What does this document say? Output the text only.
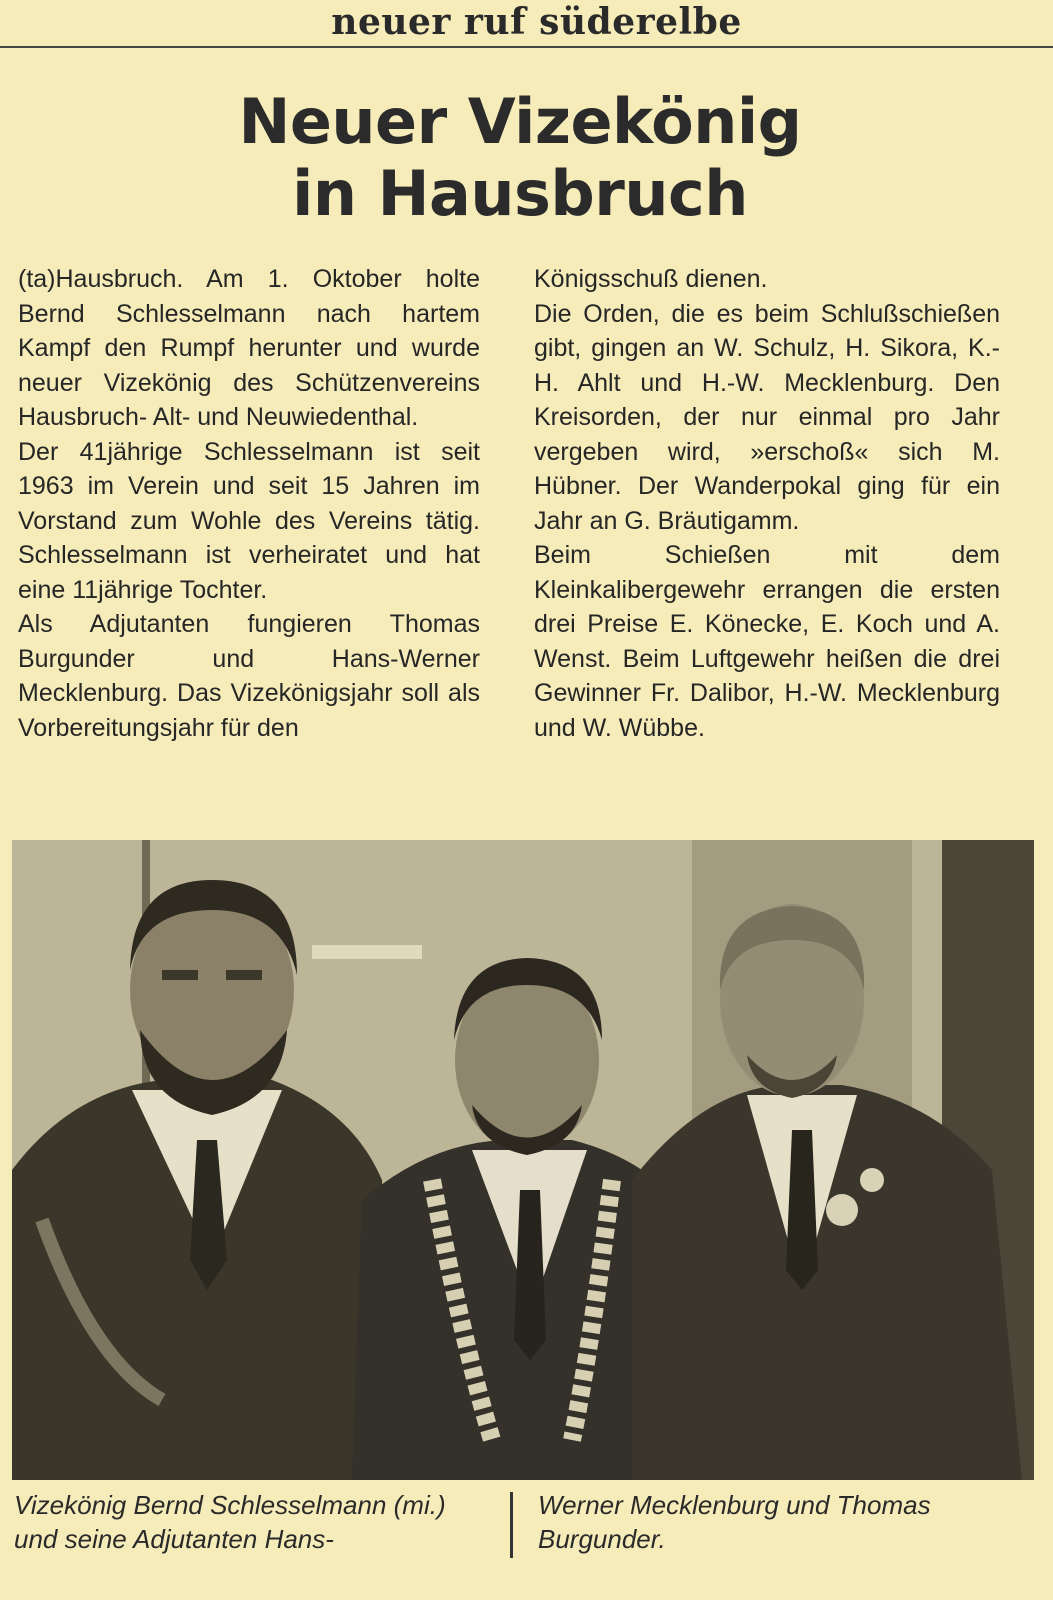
neuer ruf süderelbe
Neuer Vizekönig
in Hausbruch

(ta)Hausbruch. Am 1. Oktober holte Bernd Schlesselmann nach hartem Kampf den Rumpf herunter und wurde neuer Vizekönig des Schützenvereins Hausbruch- Alt- und Neuwiedenthal.

Der 41jährige Schlesselmann ist seit 1963 im Verein und seit 15 Jahren im Vorstand zum Wohle des Vereins tätig. Schlesselmann ist verheiratet und hat eine 11jährige Tochter.

Als Adjutanten fungieren Thomas Burgunder und Hans-Werner Mecklenburg. Das Vizekönigsjahr soll als Vorbereitungsjahr für den

Königsschuß dienen.

Die Orden, die es beim Schlußschießen gibt, gingen an W. Schulz, H. Sikora, K.-H. Ahlt und H.-W. Mecklenburg. Den Kreisorden, der nur einmal pro Jahr vergeben wird, »erschoß« sich M. Hübner. Der Wanderpokal ging für ein Jahr an G. Bräutigamm.

Beim Schießen mit dem Kleinkalibergewehr errangen die ersten drei Preise E. Könecke, E. Koch und A. Wenst. Beim Luftgewehr heißen die drei Gewinner Fr. Dalibor, H.-W. Mecklenburg und W. Wübbe.

Vizekönig Bernd Schlesselmann (mi.) und seine Adjutanten Hans-
Werner Mecklenburg und Thomas Burgunder.
